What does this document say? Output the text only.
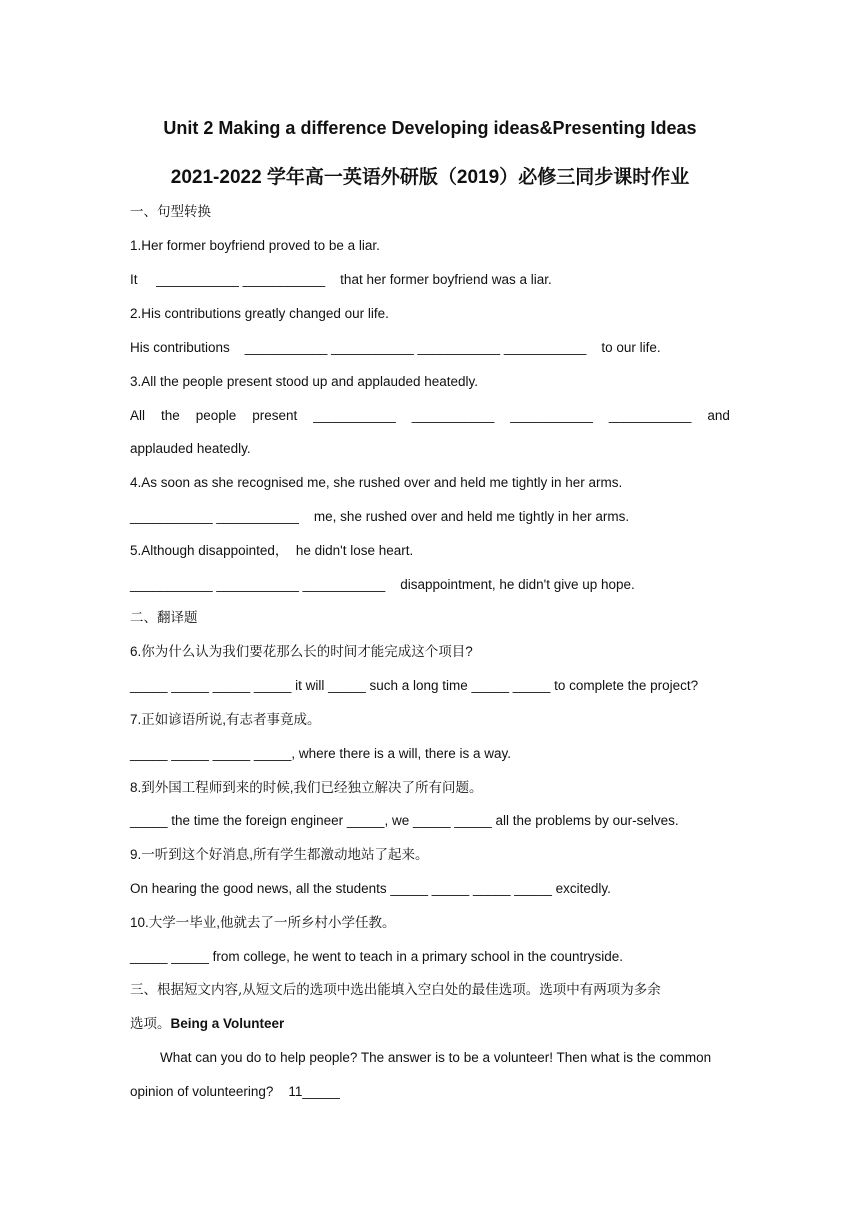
Unit 2 Making a difference Developing ideas&Presenting Ideas
2021-2022 学年高一英语外研版（2019）必修三同步课时作业
一、句型转换
1.Her former boyfriend proved to be a liar.
It     ___________ ___________    that her former boyfriend was a liar.
2.His contributions greatly changed our life.
His contributions    ___________ ___________ ___________ ___________    to our life.
3.All the people present stood up and applauded heatedly.
All the people present ___________ ___________ ___________ ___________ and
applauded heatedly.
4.As soon as she recognised me, she rushed over and held me tightly in her arms.
___________ ___________    me, she rushed over and held me tightly in her arms.
5.Although disappointed，  he didn't lose heart.
___________ ___________ ___________    disappointment, he didn't give up hope.
二、翻译题
6.你为什么认为我们要花那么长的时间才能完成这个项目?
_____ _____ _____ _____ it will _____ such a long time _____ _____ to complete the project?
7.正如谚语所说,有志者事竟成。
_____ _____ _____ _____, where there is a will, there is a way.
8.到外国工程师到来的时候,我们已经独立解决了所有问题。
_____ the time the foreign engineer _____, we _____ _____ all the problems by our-selves.
9.一听到这个好消息,所有学生都激动地站了起来。
On hearing the good news, all the students _____ _____ _____ _____ excitedly.
10.大学一毕业,他就去了一所乡村小学任教。
_____ _____ from college, he went to teach in a primary school in the countryside.
三、根据短文内容,从短文后的选项中选出能填入空白处的最佳选项。选项中有两项为多余
选项。Being a Volunteer
What can you do to help people? The answer is to be a volunteer! Then what is the common
opinion of volunteering?    11_____
